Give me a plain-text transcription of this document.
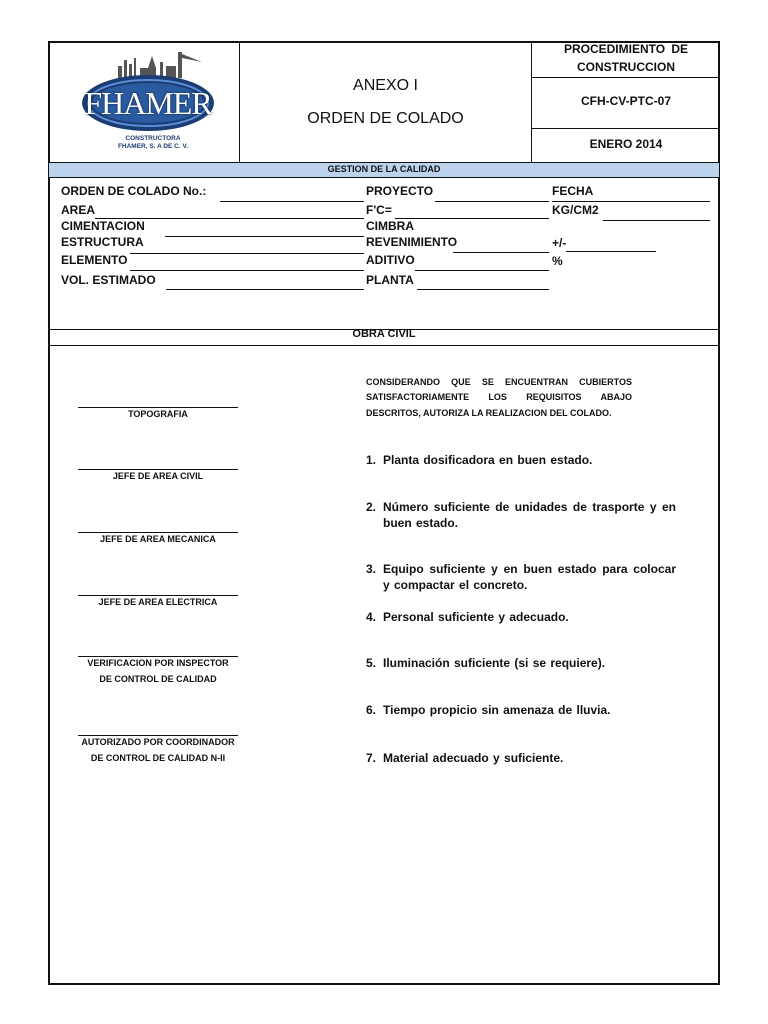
FHAMER
CONSTRUCTORA
FHAMER, S. A DE C. V.
ANEXO I
ORDEN DE COLADO
PROCEDIMIENTO DE
CONSTRUCCION
CFH-CV-PTC-07
ENERO 2014
GESTION DE LA CALIDAD
ORDEN DE COLADO No.:
AREA
CIMENTACION
ESTRUCTURA
ELEMENTO
VOL. ESTIMADO
PROYECTO
F'C=
CIMBRA
REVENIMIENTO
ADITIVO
PLANTA
FECHA
KG/CM2
+/-
%
OBRA CIVIL
TOPOGRAFIA
JEFE DE AREA CIVIL
JEFE DE AREA MECANICA
JEFE DE AREA ELECTRICA
VERIFICACION POR INSPECTOR
DE CONTROL DE CALIDAD
AUTORIZADO POR COORDINADOR
DE CONTROL DE CALIDAD N-II
CONSIDERANDO QUE SE ENCUENTRAN CUBIERTOS
SATISFACTORIAMENTE LOS REQUISITOS ABAJO
DESCRITOS, AUTORIZA LA REALIZACION DEL COLADO.
1. Planta dosificadora en buen estado.
2. Número suficiente de unidades de trasporte y en buen estado.
3. Equipo suficiente y en buen estado para colocar y compactar el concreto.
4. Personal suficiente y adecuado.
5. Iluminación suficiente (si se requiere).
6. Tiempo propicio sin amenaza de lluvia.
7. Material adecuado y suficiente.
